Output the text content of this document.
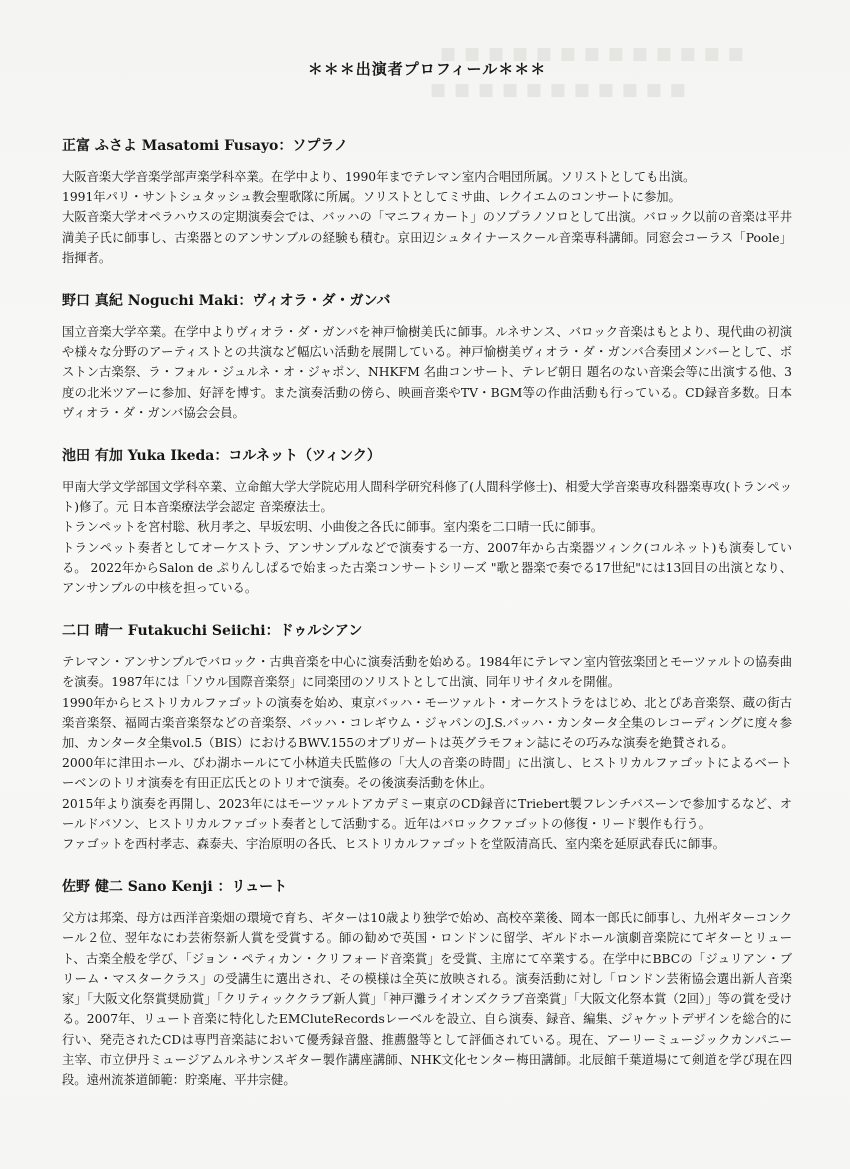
■ ■ ■ ■ ■ ■ ■ ■ ■ ■ ■ ■ ■
■ ■ ■ ■ ■ ■ ■ ■ ■ ■ ■
＊＊＊出演者プロフィール＊＊＊
正富 ふさよ Masatomi Fusayo：ソプラノ

大阪音楽大学音楽学部声楽学科卒業。在学中より、1990年までテレマン室内合唱団所属。ソリストとしても出演。

1991年パリ・サントシュタッシュ教会聖歌隊に所属。ソリストとしてミサ曲、レクイエムのコンサートに参加。

大阪音楽大学オペラハウスの定期演奏会では、バッハの「マニフィカート」のソプラノソロとして出演。バロック以前の音楽は平井満美子氏に師事し、古楽器とのアンサンブルの経験も積む。京田辺シュタイナースクール音楽専科講師。同窓会コーラス「Poole」指揮者。

野口 真紀 Noguchi Maki：ヴィオラ・ダ・ガンバ

国立音楽大学卒業。在学中よりヴィオラ・ダ・ガンバを神戸愉樹美氏に師事。ルネサンス、バロック音楽はもとより、現代曲の初演や様々な分野のアーティストとの共演など幅広い活動を展開している。神戸愉樹美ヴィオラ・ダ・ガンバ合奏団メンバーとして、ボストン古楽祭、ラ・フォル・ジュルネ・オ・ジャポン、NHKFM 名曲コンサート、テレビ朝日 題名のない音楽会等に出演する他、3度の北米ツアーに参加、好評を博す。また演奏活動の傍ら、映画音楽やTV・BGM等の作曲活動も行っている。CD録音多数。日本ヴィオラ・ダ・ガンバ協会会員。

池田 有加 Yuka Ikeda：コルネット（ツィンク）

甲南大学文学部国文学科卒業、立命館大学大学院応用人間科学研究科修了(人間科学修士)、相愛大学音楽専攻科器楽専攻(トランペット)修了。元 日本音楽療法学会認定 音楽療法士。

トランペットを宮村聡、秋月孝之、早坂宏明、小曲俊之各氏に師事。室内楽を二口晴一氏に師事。

トランペット奏者としてオーケストラ、アンサンブルなどで演奏する一方、2007年から古楽器ツィンク(コルネット)も演奏している。 2022年からSalon de ぷりんしぱるで始まった古楽コンサートシリーズ "歌と器楽で奏でる17世紀"には13回目の出演となり、アンサンブルの中核を担っている。

二口 晴一 Futakuchi Seiichi：ドゥルシアン

テレマン・アンサンブルでバロック・古典音楽を中心に演奏活動を始める。1984年にテレマン室内管弦楽団とモーツァルトの協奏曲を演奏。1987年には「ソウル国際音楽祭」に同楽団のソリストとして出演、同年リサイタルを開催。

1990年からヒストリカルファゴットの演奏を始め、東京バッハ・モーツァルト・オーケストラをはじめ、北とぴあ音楽祭、蔵の街古楽音楽祭、福岡古楽音楽祭などの音楽祭、バッハ・コレギウム・ジャパンのJ.S.バッハ・カンタータ全集のレコーディングに度々参加、カンタータ全集vol.5（BIS）におけるBWV.155のオブリガートは英グラモフォン誌にその巧みな演奏を絶賛される。

2000年に津田ホール、びわ湖ホールにて小林道夫氏監修の「大人の音楽の時間」に出演し、ヒストリカルファゴットによるベートーベンのトリオ演奏を有田正広氏とのトリオで演奏。その後演奏活動を休止。

2015年より演奏を再開し、2023年にはモーツァルトアカデミー東京のCD録音にTriebert製フレンチバスーンで参加するなど、オールドバソン、ヒストリカルファゴット奏者として活動する。近年はバロックファゴットの修復・リード製作も行う。

ファゴットを西村孝志、森泰夫、宇治原明の各氏、ヒストリカルファゴットを堂阪清高氏、室内楽を延原武春氏に師事。

佐野 健二 Sano Kenji ：リュート

父方は邦楽、母方は西洋音楽畑の環境で育ち、ギターは10歳より独学で始め、高校卒業後、岡本一郎氏に師事し、九州ギターコンクール２位、翌年なにわ芸術祭新人賞を受賞する。師の勧めで英国・ロンドンに留学、ギルドホール演劇音楽院にてギターとリュート、古楽全般を学び、「ジョン・ペティカン・クリフォード音楽賞」を受賞、主席にて卒業する。在学中にBBCの「ジュリアン・ブリーム・マスタークラス」の受講生に選出され、その模様は全英に放映される。演奏活動に対し「ロンドン芸術協会選出新人音楽家」「大阪文化祭賞奨励賞」「クリティッククラブ新人賞」「神戸灘ライオンズクラブ音楽賞」「大阪文化祭本賞（2回）」等の賞を受ける。2007年、リュート音楽に特化したEMCluteRecordsレーベルを設立、自ら演奏、録音、編集、ジャケットデザインを総合的に行い、発売されたCDは専門音楽誌において優秀録音盤、推薦盤等として評価されている。現在、アーリーミュージックカンパニー主宰、市立伊丹ミュージアムルネサンスギター製作講座講師、NHK文化センター梅田講師。北辰館千葉道場にて剣道を学び現在四段。遠州流茶道師範：貯楽庵、平井宗健。
